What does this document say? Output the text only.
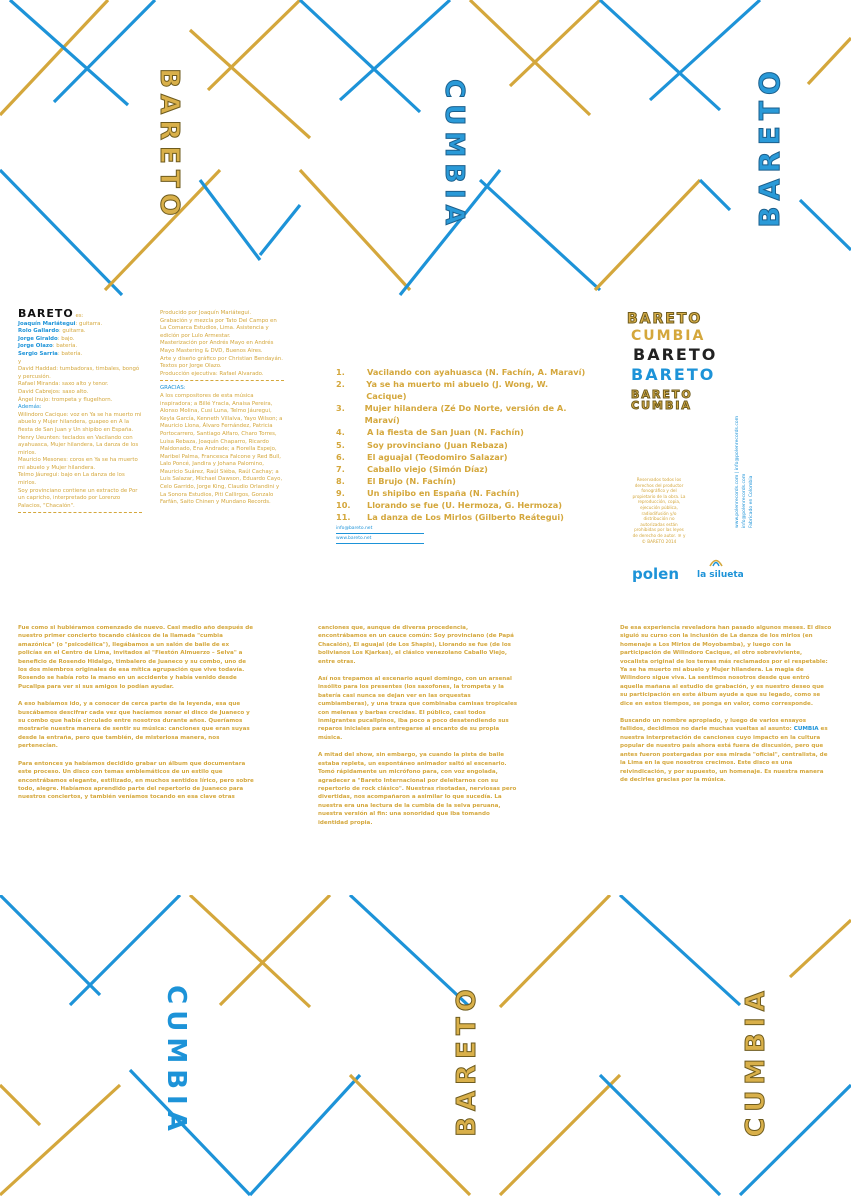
BARETO	CUMBIA	BARETO
BARETO es:
Joaquín Mariátegui: guitarra.
Rolo Gallardo: guitarra.
Jorge Giraldo: bajo.
Jorge Olazo: batería.
Sergio Sarria: batería.
y
David Haddad: tumbadoras, timbales, bongó y percusión.
Rafael Miranda: saxo alto y tenor.
David Cabrejos: saxo alto.
Ángel Inujo: trompeta y flugelhorn.
Además:
Wilindoro Cacique: voz en Ya se ha muerto mi abuelo y Mujer hilandera, guapeo en A la fiesta de San Juan y Un shipibo en España.
Henry Ueunten: teclados en Vacilando con ayahuasca, Mujer hilandera, La danza de los mirlos.
Mauricio Mesones: coros en Ya se ha muerto mi abuelo y Mujer hilandera.
Telmo Jáuregui: bajo en La danza de los mirlos.
Soy provinciano contiene un extracto de Por un capricho, interpretado por Lorenzo Palacios, "Chacalón".
Producido por Joaquín Mariátegui.
Grabación y mezcla por Tato Del Campo en La Comarca Estudios, Lima. Asistencia y edición por Lulo Armestar.
Masterización por Andrés Mayo en Andrés Mayo Mastering & DVD, Buenos Aires.
Arte y diseño gráfico por Christian Bendayán.
Textos por Jorge Olazo.
Producción ejecutiva: Rafael Alvarado.
GRACIAS:
A los compositores de esta música inspiradora; a Billé Yracla, Anaisa Pereira, Alonso Molina, Cusi Luna, Telmo Jáuregui, Keyla García, Kenneth Villalva, Yayo Wilson; a Mauricio Llona, Álvaro Fernández, Patricia Portocarrero, Santiago Alfaro, Charo Torres, Luisa Rebaza, Joaquín Chaparro, Ricardo Maldonado, Ena Andrade; a Fiorella Espejo, Maribel Palma, Francesca Falcone y Red Bull, Lalo Poncé, Jandira y Johana Palomino, Mauricio Suárez, Raúl Siéba, Raúl Cachay; a Luis Salazar, Michael Dawson, Eduardo Cayo, Celo Garrido, Jorge King, Claudio Orlandini y La Sonora Estudios, Piti Callirgos, Gonzalo Farfán, Saito Chinen y Mundano Records.
1.	Vacilando con ayahuasca (N. Fachín, A. Maraví)
2.	Ya se ha muerto mi abuelo (J. Wong, W. Cacique)
3.	Mujer hilandera (Zé Do Norte, versión de A. Maraví)
4.	A la fiesta de San Juan (N. Fachín)
5.	Soy provinciano (Juan Rebaza)
6.	El aguajal (Teodomiro Salazar)
7.	Caballo viejo (Simón Díaz)
8.	El Brujo (N. Fachín)
9.	Un shipibo en España (N. Fachín)
10.	Llorando se fue (U. Hermoza, G. Hermoza)
11.	La danza de Los Mirlos (Gilberto Reátegui)
info@bareto.net
www.bareto.net
BARETO
CUMBIA
BARETO
BARETO
BARETO
CUMBIA
Reservados todos los derechos del productor fonográfico y del propietario de la obra. La reproducción, copia, ejecución pública, radiodifusión y/o distribución no autorizadas están prohibidas por las leyes de derecho de autor. ℗ y © BARETO 2014
www.polenrecords.com | info@polenrecords.com info@polenrecords.com Fabricado en Colombia
polen la silueta

Fue como si hubiéramos comenzado de nuevo. Casi medio año después de nuestro primer concierto tocando clásicos de la llamada "cumbia amazónica" (o "psicodélica"), llegábamos a un salón de baile de ex policías en el Centro de Lima, invitados al "Fiestón Almuerzo – Selva" a beneficio de Rosendo Hidalgo, timbalero de Juaneco y su combo, uno de los dos miembros originales de esa mítica agrupación que vive todavía. Rosendo se había roto la mano en un accidente y había venido desde Pucallpa para ver si sus amigos lo podían ayudar.

A eso habíamos ido, y a conocer de cerca parte de la leyenda, esa que buscábamos descifrar cada vez que hacíamos sonar el disco de Juaneco y su combo que había circulado entre nosotros durante años. Queríamos mostrarle nuestra manera de sentir su música: canciones que eran suyas desde la entraña, pero que también, de misteriosa manera, nos pertenecían.

Para entonces ya habíamos decidido grabar un álbum que documentara este proceso. Un disco con temas emblemáticos de un estilo que encontrábamos elegante, estilizado, en muchos sentidos lírico, pero sobre todo, alegre. Habíamos aprendido parte del repertorio de Juaneco para nuestros conciertos, y también veníamos tocando en esa clave otras

canciones que, aunque de diversa procedencia, encontrábamos en un cauce común: Soy provinciano (de Papá Chacalón), El aguajal (de Los Shapis), Llorando se fue (de los bolivianos Los Kjarkas), el clásico venezolano Caballo Viejo, entre otras.

Así nos trepamos al escenario aquel domingo, con un arsenal insólito para los presentes (los saxofones, la trompeta y la batería casi nunca se dejan ver en las orquestas cumbiamberas), y una traza que combinaba camisas tropicales con melenas y barbas crecidas. El público, casi todos inmigrantes pucallpinos, iba poco a poco desatendiendo sus reparos iniciales para entregarse al encanto de su propia música.

A mitad del show, sin embargo, ya cuando la pista de baile estaba repleta, un espontáneo animador saltó al escenario. Tomó rápidamente un micrófono para, con voz engolada, agradecer a "Bareto Internacional por deleitarnos con su repertorio de rock clásico". Nuestras risotadas, nerviosas pero divertidas, nos acompañaron a asimilar lo que sucedía. La nuestra era una lectura de la cumbia de la selva peruana, nuestra versión al fin: una sonoridad que iba tomando identidad propia.

De esa experiencia reveladora han pasado algunos meses. El disco siguió su curso con la inclusión de La danza de los mirlos (en homenaje a Los Mirlos de Moyobamba), y luego con la participación de Wilindoro Cacique, el otro sobreviviente, vocalista original de los temas más reclamados por el respetable: Ya se ha muerto mi abuelo y Mujer hilandera. La magia de Wilindoro sigue viva. La sentimos nosotros desde que entró aquella mañana al estudio de grabación, y es nuestro deseo que su participación en este álbum ayude a que su legado, como se dice en estos tiempos, se ponga en valor, como corresponde.

Buscando un nombre apropiado, y luego de varios ensayos fallidos, decidimos no darle muchas vueltas al asunto: CUMBIA es nuestra interpretación de canciones cuyo impacto en la cultura popular de nuestro país ahora está fuera de discusión, pero que antes fueron postergadas por esa mirada "oficial", centralista, de la Lima en la que nosotros crecimos. Este disco es una reivindicación, y por supuesto, un homenaje. Es nuestra manera de decirles gracias por la música.

CUMBIA	BARETO	CUMBIA
